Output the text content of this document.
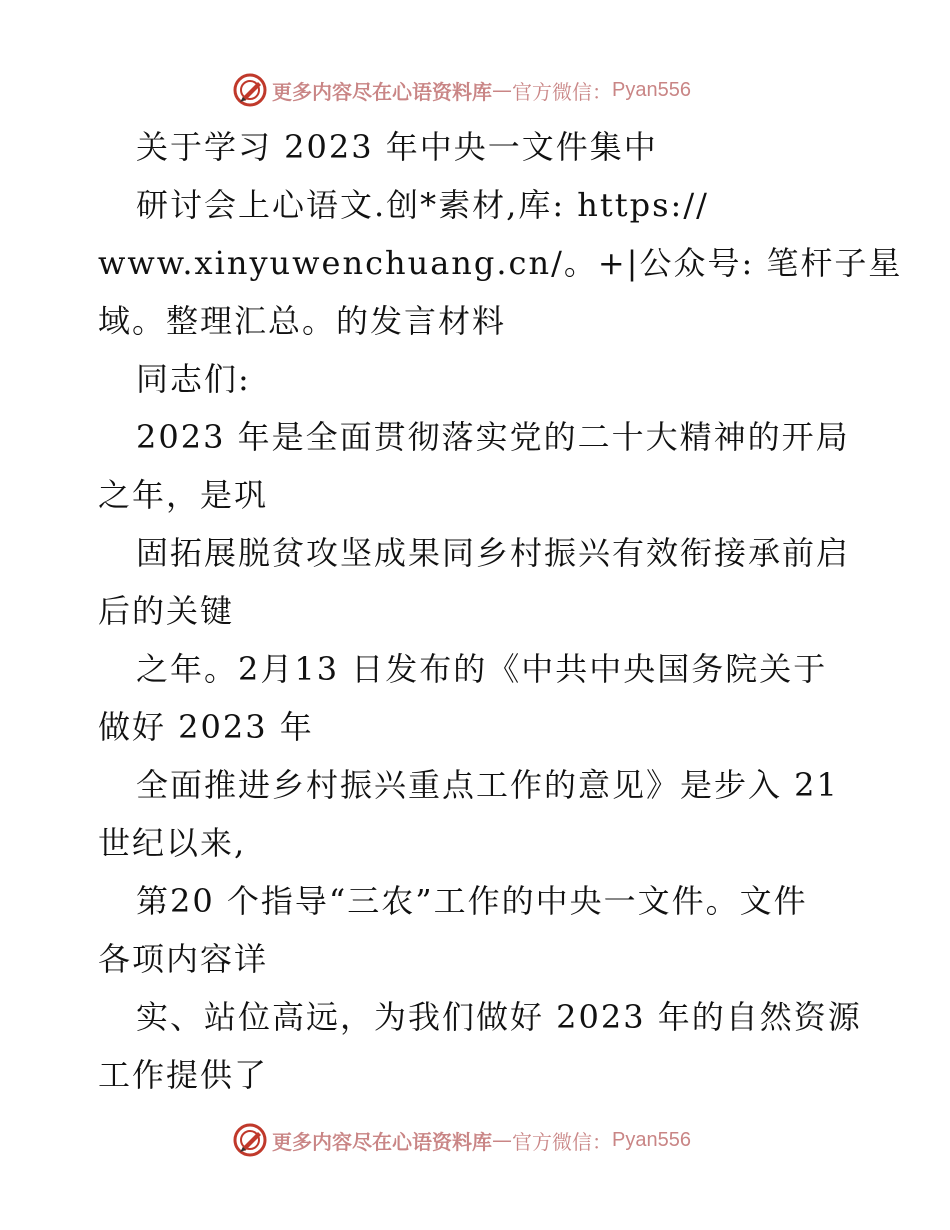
更多内容尽在心语资料库 — 官方微信： Pyan556
关于学习 2023 年中央一文件集中
研讨会上心语文.创*素材,库: https://
www.xinyuwenchuang.cn/。+|公众号: 笔杆子星
域。整理汇总。的发言材料
同志们:
2023 年是全面贯彻落实党的二十大精神的开局
之年，是巩
固拓展脱贫攻坚成果同乡村振兴有效衔接承前启
后的关键
之年。2月13 日发布的《中共中央国务院关于
做好 2023 年
全面推进乡村振兴重点工作的意见》是步入 21
世纪以来,
第20 个指导“三农”工作的中央一文件。文件
各项内容详
实、站位高远，为我们做好 2023 年的自然资源
工作提供了
更多内容尽在心语资料库 — 官方微信： Pyan556
